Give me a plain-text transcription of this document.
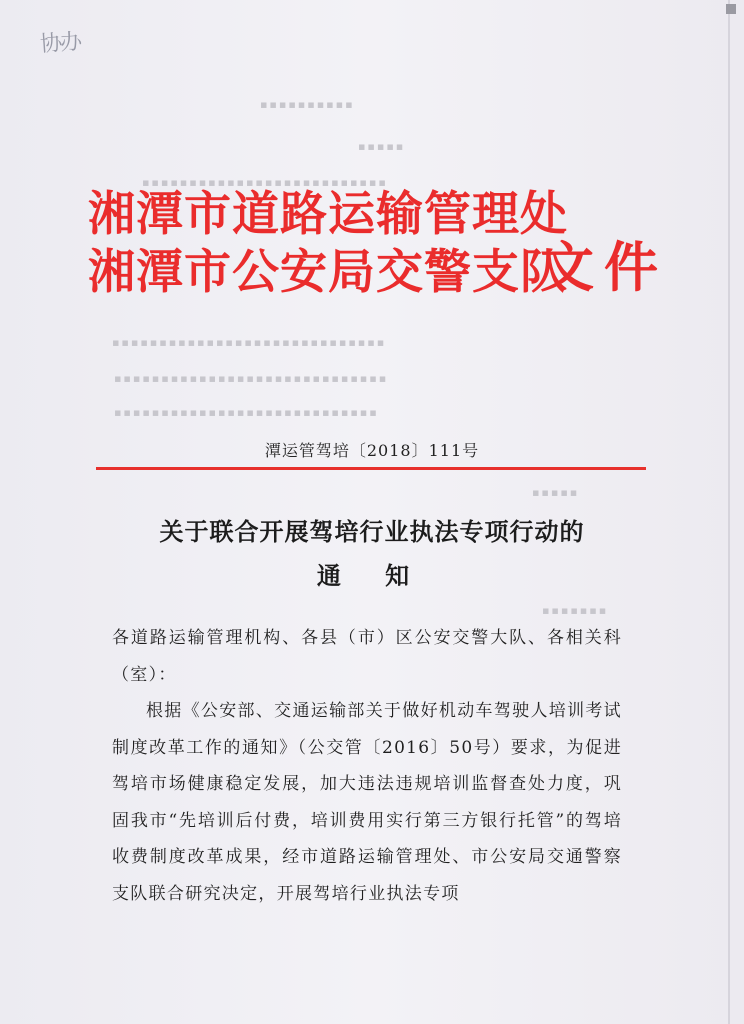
协办
▪▪▪▪▪▪▪▪▪▪
▪▪▪▪▪
▪▪▪▪▪▪▪▪▪▪▪▪▪▪▪▪▪▪▪▪▪▪▪▪▪▪
▪▪▪▪▪▪▪▪▪▪▪▪▪▪▪▪▪▪▪▪▪▪▪▪▪▪▪▪▪
▪▪▪▪▪▪▪▪▪▪▪▪▪▪▪▪▪▪▪▪▪▪▪▪▪▪▪▪▪
▪▪▪▪▪▪▪▪▪▪▪▪▪▪▪▪▪▪▪▪▪▪▪▪▪▪▪▪
▪▪▪▪▪
▪▪▪▪▪▪▪
湘潭市道路运输管理处
湘潭市公安局交警支队
文件
潭运管驾培〔2018〕111号
关于联合开展驾培行业执法专项行动的
通 知

各道路运输管理机构、各县（市）区公安交警大队、各相关科（室）：

根据《公安部、交通运输部关于做好机动车驾驶人培训考试制度改革工作的通知》（公交管〔2016〕50号）要求，为促进驾培市场健康稳定发展，加大违法违规培训监督查处力度，巩固我市“先培训后付费，培训费用实行第三方银行托管”的驾培收费制度改革成果，经市道路运输管理处、市公安局交通警察支队联合研究决定，开展驾培行业执法专项
